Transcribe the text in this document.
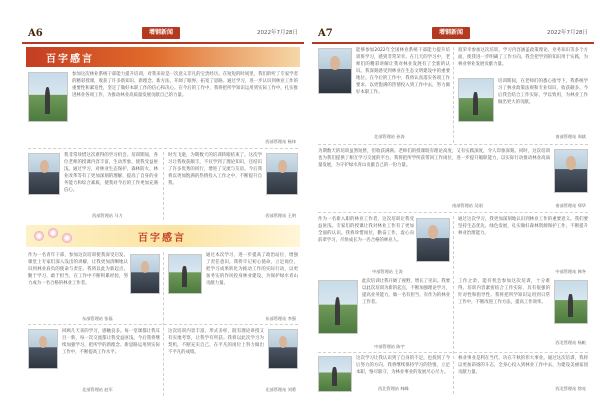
A6	增钢新闻	2022年7月28日
百字感言
参加这次林业系统干部能力提升培训，对我来说是一次意义非凡的宝贵经历。在短短的时间里，我们聆听了专家学者的精彩授课，收获了许多新知识、新理念、新方法，开阔了眼界，拓宽了思路。通过学习，进一步认识到林业工作的重要性和紧迫性，坚定了做好本职工作的信心和决心。在今后的工作中，我将把所学知识运用到实际工作中，扎实推进林业各项工作，为推动林业高质量发展贡献自己的力量。
西部管理站 杨伟
我非常珍惜这次难得的学习机会。培训期间，各位老师的授课内容丰富，生动形象，使我受益匪浅。通过学习，对林业生态保护、森林防火、林业改革等有了更加深刻的理解，提高了自身的业务能力和综合素质，使我对今后的工作更加充满信心。
西部管理站 马力
时光飞逝，为期数天的培训转眼结束了。这次学习让我收获颇丰，不仅学到了理论知识，还结识了许多优秀的同行，增进了交流与友谊。今后我将以更加饱满的热情投入工作之中，不断提升自我。
西部管理站 王明
百字感言
作为一名青年干部，参加这次培训使我深受启发。课堂上专家们深入浅出的讲解，让我更加清晰地认识到林业肩负的使命与责任。我将以此为新起点，勤于学习，敢于担当，在工作中不断积累经验，努力成为一名合格的林业工作者。
东部管理站 张磊
通过本次学习，进一步提高了政治站位，增强了责任意识。我将牢记初心使命，立足岗位，把学习成果转化为推动工作的实际行动，以更加务实的作风投身林业建设，为保护绿水青山贡献力量。
东部管理站 李强
回顾几天来的学习，感触良多。每一堂课都让我耳目一新，每一次交流都让我受益匪浅。今后我将继续加强学习，把所学的新理念、新思路运用到实际工作中，不断提高工作水平。
北部管理站 赵军
这次培训内容丰富、形式多样，既有理论讲授又有实地考察，让我学有所获。我将以此次学习为契机，不断充实自己，在平凡的岗位上努力做出不平凡的成绩。
北部管理站 刘勇
A7	增钢新闻	2022年7月28日
能够参加2022年全国林业系统干部能力提升培训班学习，感到非常荣幸。在几天的学习中，老师们的精彩讲解让我对林业发展有了全新的认识。我深刻感受到林业在生态文明建设中的重要地位。在今后的工作中，我将认真落实各项工作要求，以更饱满的热情投入到工作中去，努力做好本职工作。
北部管理站 孙涛
很荣幸参加这次培训，学习内容涵盖政策理论、业务知识等多个方面，使我进一步明确了工作方向。我会把学到的知识用于实践，为林业事业发展贡献力量。
培训期间，在老师们的悉心指导下，我系统学习了林业政策法规和专业知识，收获颇多。今后我会结合工作实际，学以致用，为林业工作做出更大的贡献。
南部管理站 周斌
为期数天的培训虽然短暂，但收获满满。老师们的授课既有理论高度，又有实践深度，令人印象深刻。同时，这次培训也为我们提供了相互学习交流的平台。我将把所学所获带回工作岗位，进一步提升履职能力，以实际行动推动林业高质量发展，为守护绿水青山贡献自己的一份力量。
南部管理站 吴刚	南部管理站 郑华
作为一名新入职的林业工作者，这次培训让我受益匪浅。专家们的授课让我对林业工作有了更加全面的认识。我将珍惜岗位，勤奋工作，虚心向前辈学习，尽快成长为一名合格的林业人。
中部管理站 王涛
通过这次学习，我更加深刻地认识到林业工作的重要意义。我们要坚持生态优先、绿色发展，扎实做好森林资源保护工作，不断提升林业治理能力。
中部管理站 韩冬
此次培训让我开阔了视野，增长了见识。我要以此次培训为新的起点，不断加强理论学习，提高业务能力，做一名有担当、有作为的林业工作者。
中部管理站 陈宇
工作之余，能有机会参加这次培训，十分难得。培训内容紧密结合工作实际，具有很强的针对性和指导性。我将把所学知识运用到日常工作中，不断改进工作方法，提高工作效率。
西北管理站 杨帆
这次学习让我认识到了自身的不足，也找到了今后努力的方向。我将继续保持学习的热情，立足本职，恪尽职守，为林业事业的发展尽心尽力。
西北管理站 林峰
林业事业是利在当代、功在千秋的伟大事业。通过这次培训，我将以更加昂扬的斗志，全身心投入到林业工作中去，为建设美丽家园贡献力量。
西北管理站 徐亮
